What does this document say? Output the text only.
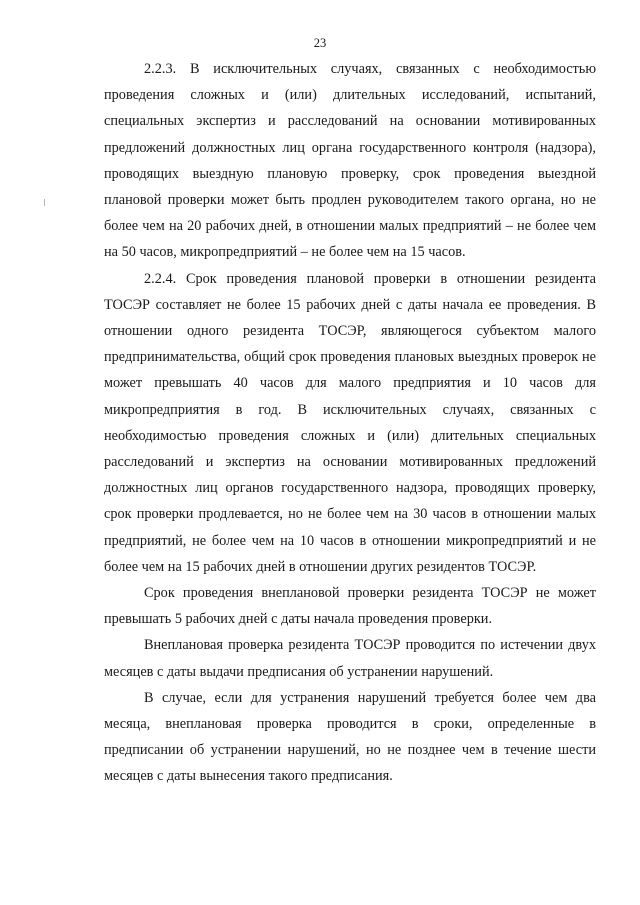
23

2.2.3. В исключительных случаях, связанных с необходимостью проведения сложных и (или) длительных исследований, испытаний, специальных экспертиз и расследований на основании мотивированных предложений должностных лиц органа государственного контроля (надзора), проводящих выездную плановую проверку, срок проведения выездной плановой проверки может быть продлен руководителем такого органа, но не более чем на 20 рабочих дней, в отношении малых предприятий – не более чем на 50 часов, микропредприятий – не более чем на 15 часов.

2.2.4. Срок проведения плановой проверки в отношении резидента ТОСЭР составляет не более 15 рабочих дней с даты начала ее проведения. В отношении одного резидента ТОСЭР, являющегося субъектом малого предпринимательства, общий срок проведения плановых выездных проверок не может превышать 40 часов для малого предприятия и 10 часов для микропредприятия в год. В исключительных случаях, связанных с необходимостью проведения сложных и (или) длительных специальных расследований и экспертиз на основании мотивированных предложений должностных лиц органов государственного надзора, проводящих проверку, срок проверки продлевается, но не более чем на 30 часов в отношении малых предприятий, не более чем на 10 часов в отношении микропредприятий и не более чем на 15 рабочих дней в отношении других резидентов ТОСЭР.

Срок проведения внеплановой проверки резидента ТОСЭР не может превышать 5 рабочих дней с даты начала проведения проверки.

Внеплановая проверка резидента ТОСЭР проводится по истечении двух месяцев с даты выдачи предписания об устранении нарушений.

В случае, если для устранения нарушений требуется более чем два месяца, внеплановая проверка проводится в сроки, определенные в предписании об устранении нарушений, но не позднее чем в течение шести месяцев с даты вынесения такого предписания.
